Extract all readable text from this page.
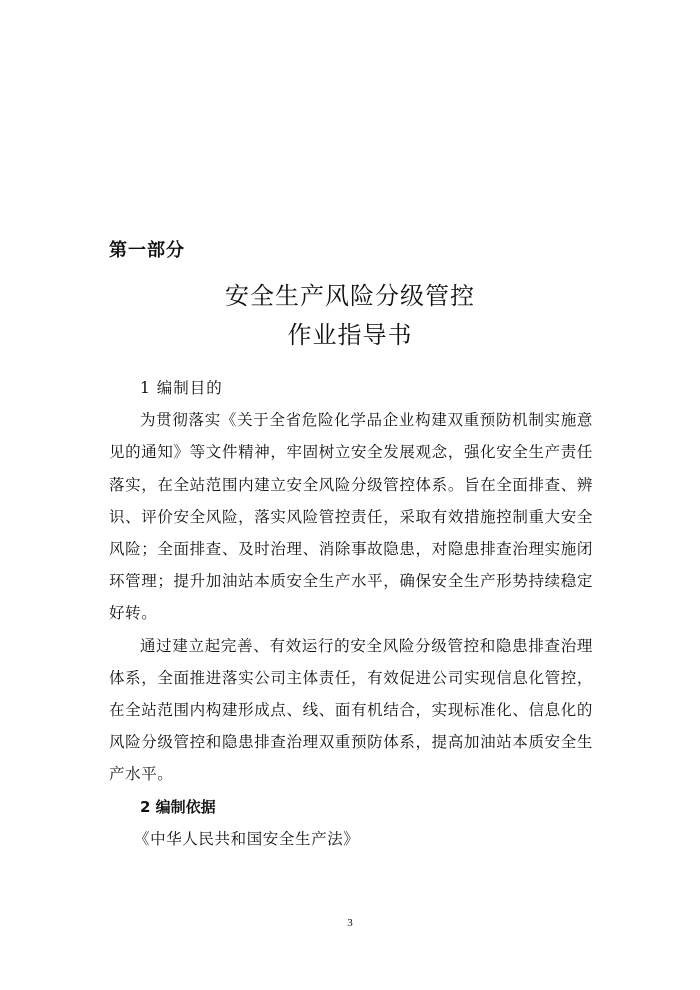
第一部分
安全生产风险分级管控
作业指导书

1 编制目的

为贯彻落实《关于全省危险化学品企业构建双重预防机制实施意见的通知》等文件精神，牢固树立安全发展观念，强化安全生产责任落实，在全站范围内建立安全风险分级管控体系。旨在全面排查、辨识、评价安全风险，落实风险管控责任，采取有效措施控制重大安全风险；全面排查、及时治理、消除事故隐患，对隐患排查治理实施闭环管理；提升加油站本质安全生产水平，确保安全生产形势持续稳定好转。

通过建立起完善、有效运行的安全风险分级管控和隐患排查治理体系，全面推进落实公司主体责任，有效促进公司实现信息化管控，在全站范围内构建形成点、线、面有机结合，实现标准化、信息化的风险分级管控和隐患排查治理双重预防体系，提高加油站本质安全生产水平。

2 编制依据

《中华人民共和国安全生产法》

3
